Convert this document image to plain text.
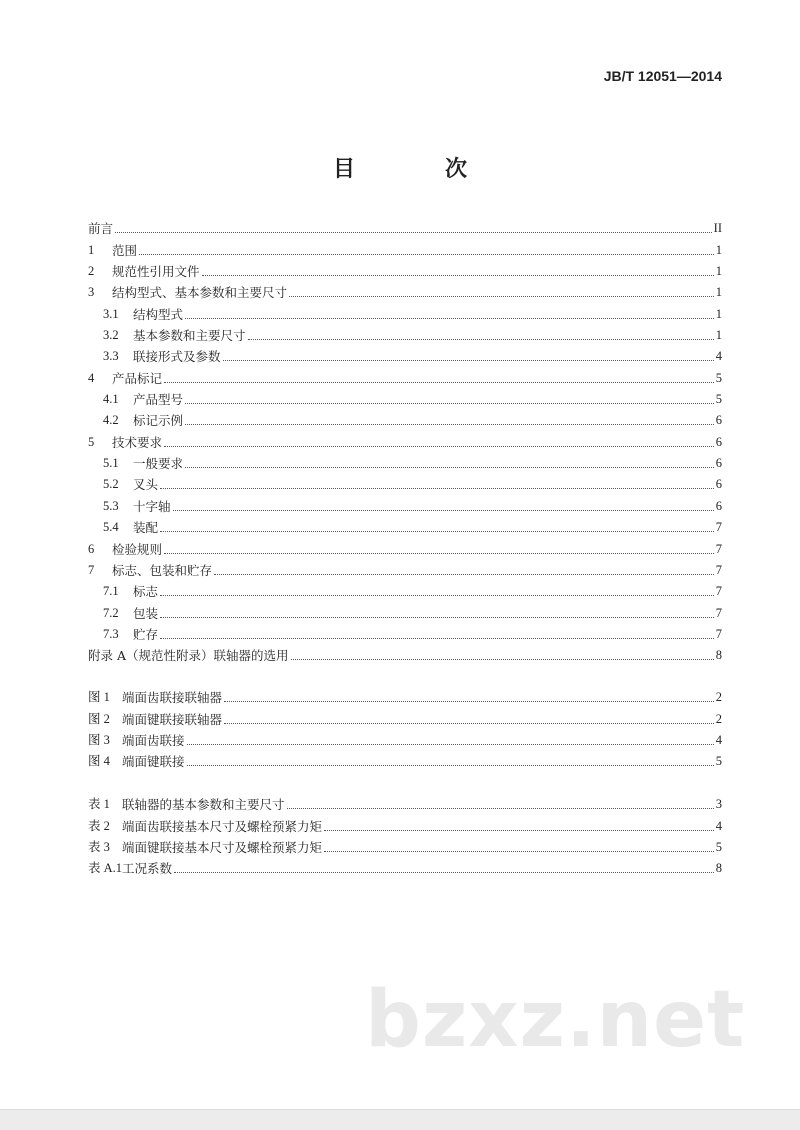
JB/T 12051—2014
目　次
前言	II
1	范围	1
2	规范性引用文件	1
3	结构型式、基本参数和主要尺寸	1
3.1	结构型式	1
3.2	基本参数和主要尺寸	1
3.3	联接形式及参数	4
4	产品标记	5
4.1	产品型号	5
4.2	标记示例	6
5	技术要求	6
5.1	一般要求	6
5.2	叉头	6
5.3	十字轴	6
5.4	装配	7
6	检验规则	7
7	标志、包装和贮存	7
7.1	标志	7
7.2	包装	7
7.3	贮存	7
附录 A（规范性附录）联轴器的选用	8
图 1 端面齿联接联轴器	2
图 2 端面键联接联轴器	2
图 3 端面齿联接	4
图 4 端面键联接	5
表 1 联轴器的基本参数和主要尺寸	3
表 2 端面齿联接基本尺寸及螺栓预紧力矩	4
表 3 端面键联接基本尺寸及螺栓预紧力矩	5
表 A.1 工况系数	8
bzxz.net
